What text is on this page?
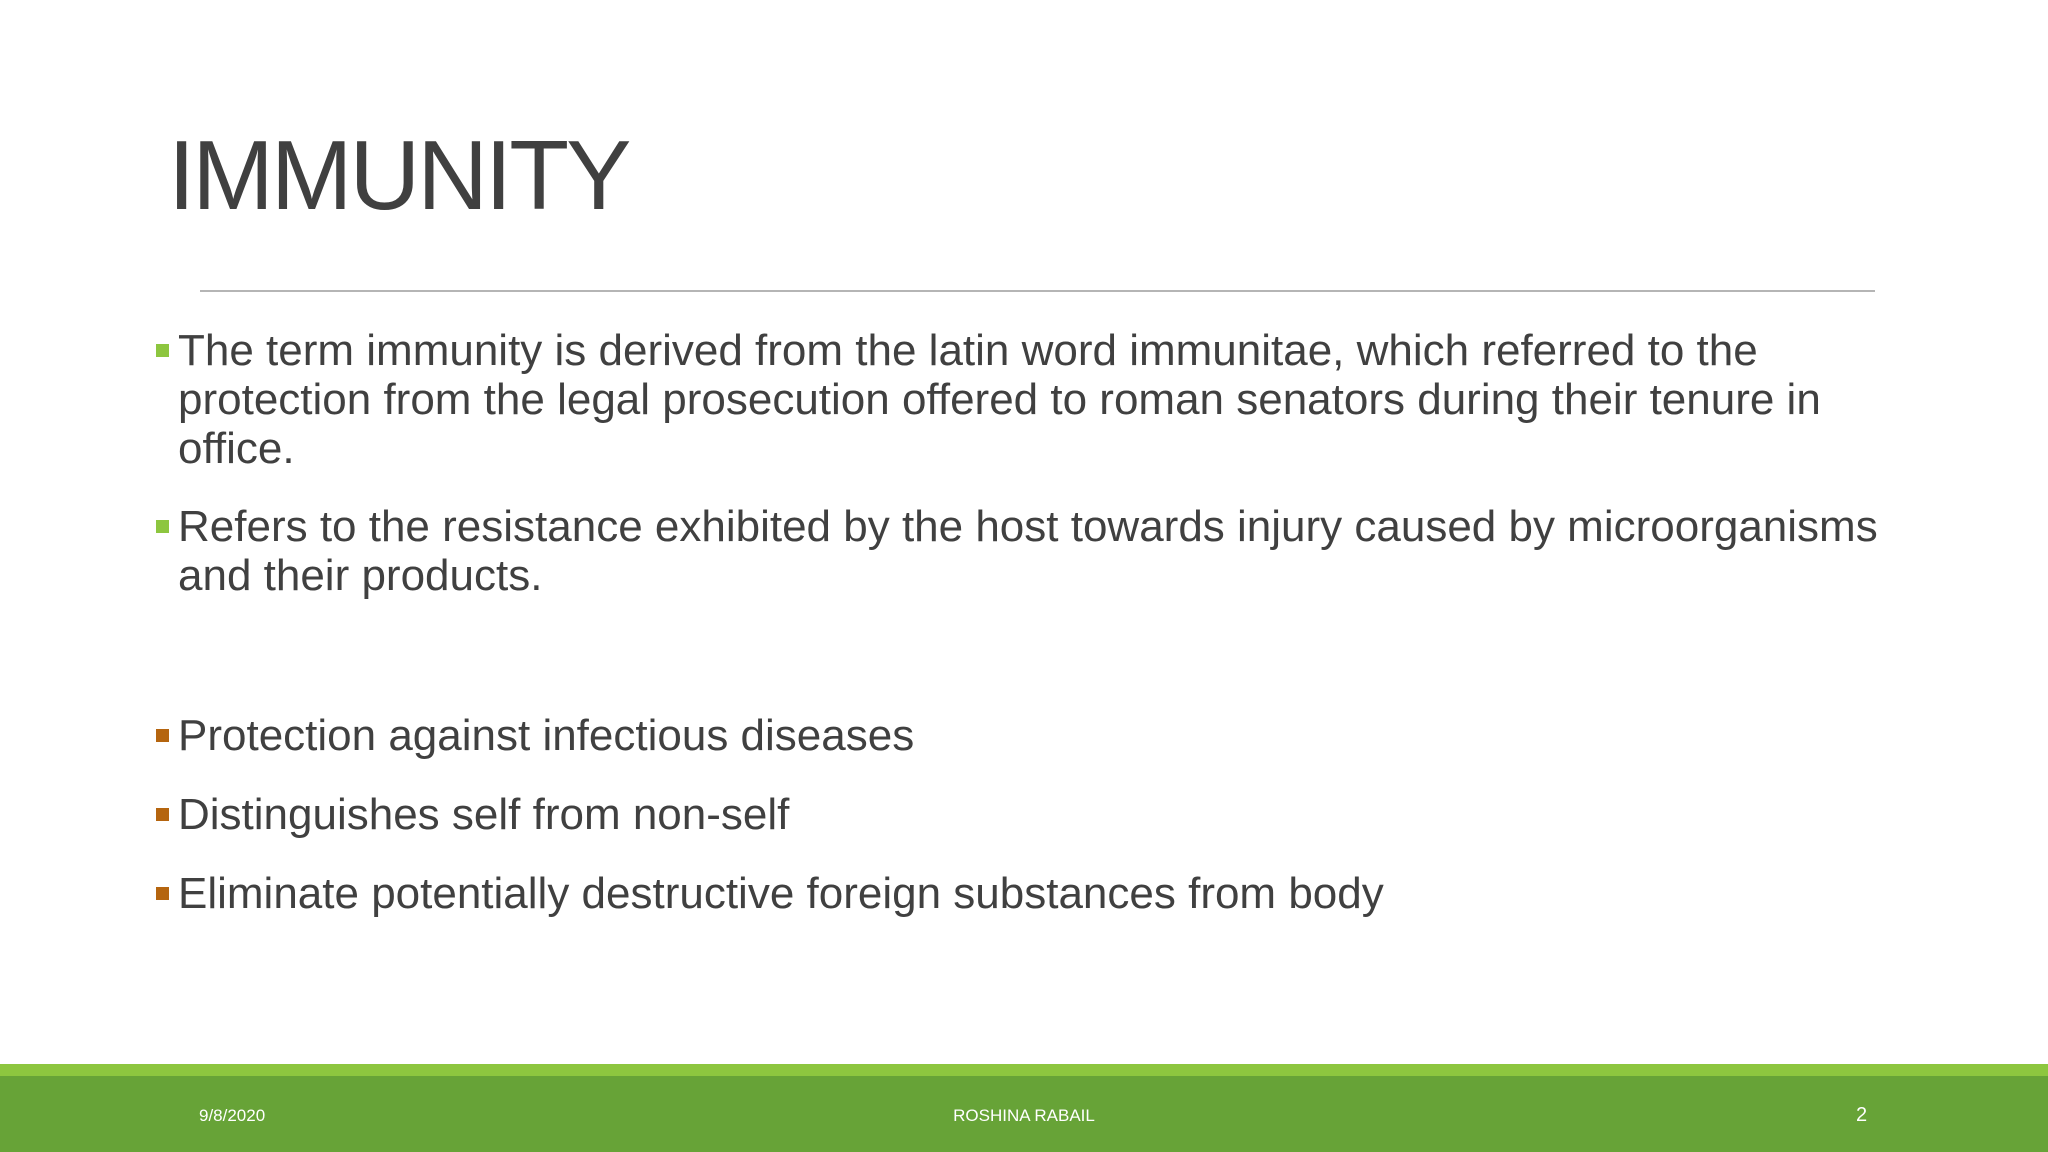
IMMUNITY
The term immunity is derived from the latin word immunitae, which referred to the protection from the legal prosecution offered to roman senators during their tenure in office.
Refers to the resistance exhibited by the host towards injury caused by microorganisms and their products.
Protection against infectious diseases
Distinguishes self from non-self
Eliminate potentially destructive foreign substances from body
9/8/2020	ROSHINA RABAIL	2
